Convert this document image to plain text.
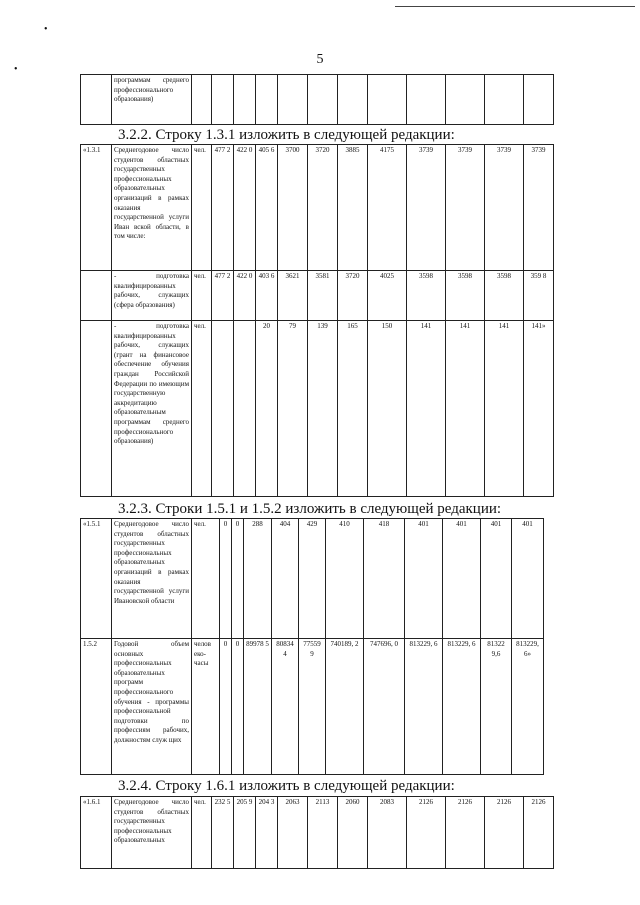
•
•
5
	программам среднего профессионального образования)												
3.2.2. Строку 1.3.1 изложить в следующей редакции:
«1.3.1	Среднегодовое число студентов областных государственных профессиональных образовательных организаций в рамках оказания государственной услуги Иван вской области, в том числе:	чел.	477 2	422 0	405 6	3700	3720	3885	4175	3739	3739	3739	3739
	- подготовка квалифицированных рабочих, служащих (сфера образования)	чел.	477 2	422 0	403 6	3621	3581	3720	4025	3598	3598	3598	359 8
	- подготовка квалифицированных рабочих, служащих (грант на финансовое обеспечение обучения граждан Российской Федерации по имеющим государственную аккредитацию образовательным программам среднего профессионального образования)	чел.			20	79	139	165	150	141	141	141	141»
3.2.3. Строки 1.5.1 и 1.5.2 изложить в следующей редакции:
«1.5.1	Среднегодовое число студентов областных государственных профессиональных образовательных организаций в рамках оказания государственной услуги Ивановской области	чел.	0	0	288	404	429	410	418	401	401	401	401
1.5.2	Годовой объем основных профессиональных образовательных программ профессионального обучения - программы профессиональной подготовки по профессиям рабочих, должностям служ щих	челов еко-часы	0	0	89978 5	80834 4	77559 9	740189, 2	747696, 0	813229, 6	813229, 6	81322 9,6	813229, 6»
3.2.4. Строку 1.6.1 изложить в следующей редакции:
«1.6.1	Среднегодовое число студентов областных государственных профессиональных образовательных	чел.	232 5	205 9	204 3	2063	2113	2060	2083	2126	2126	2126	2126
